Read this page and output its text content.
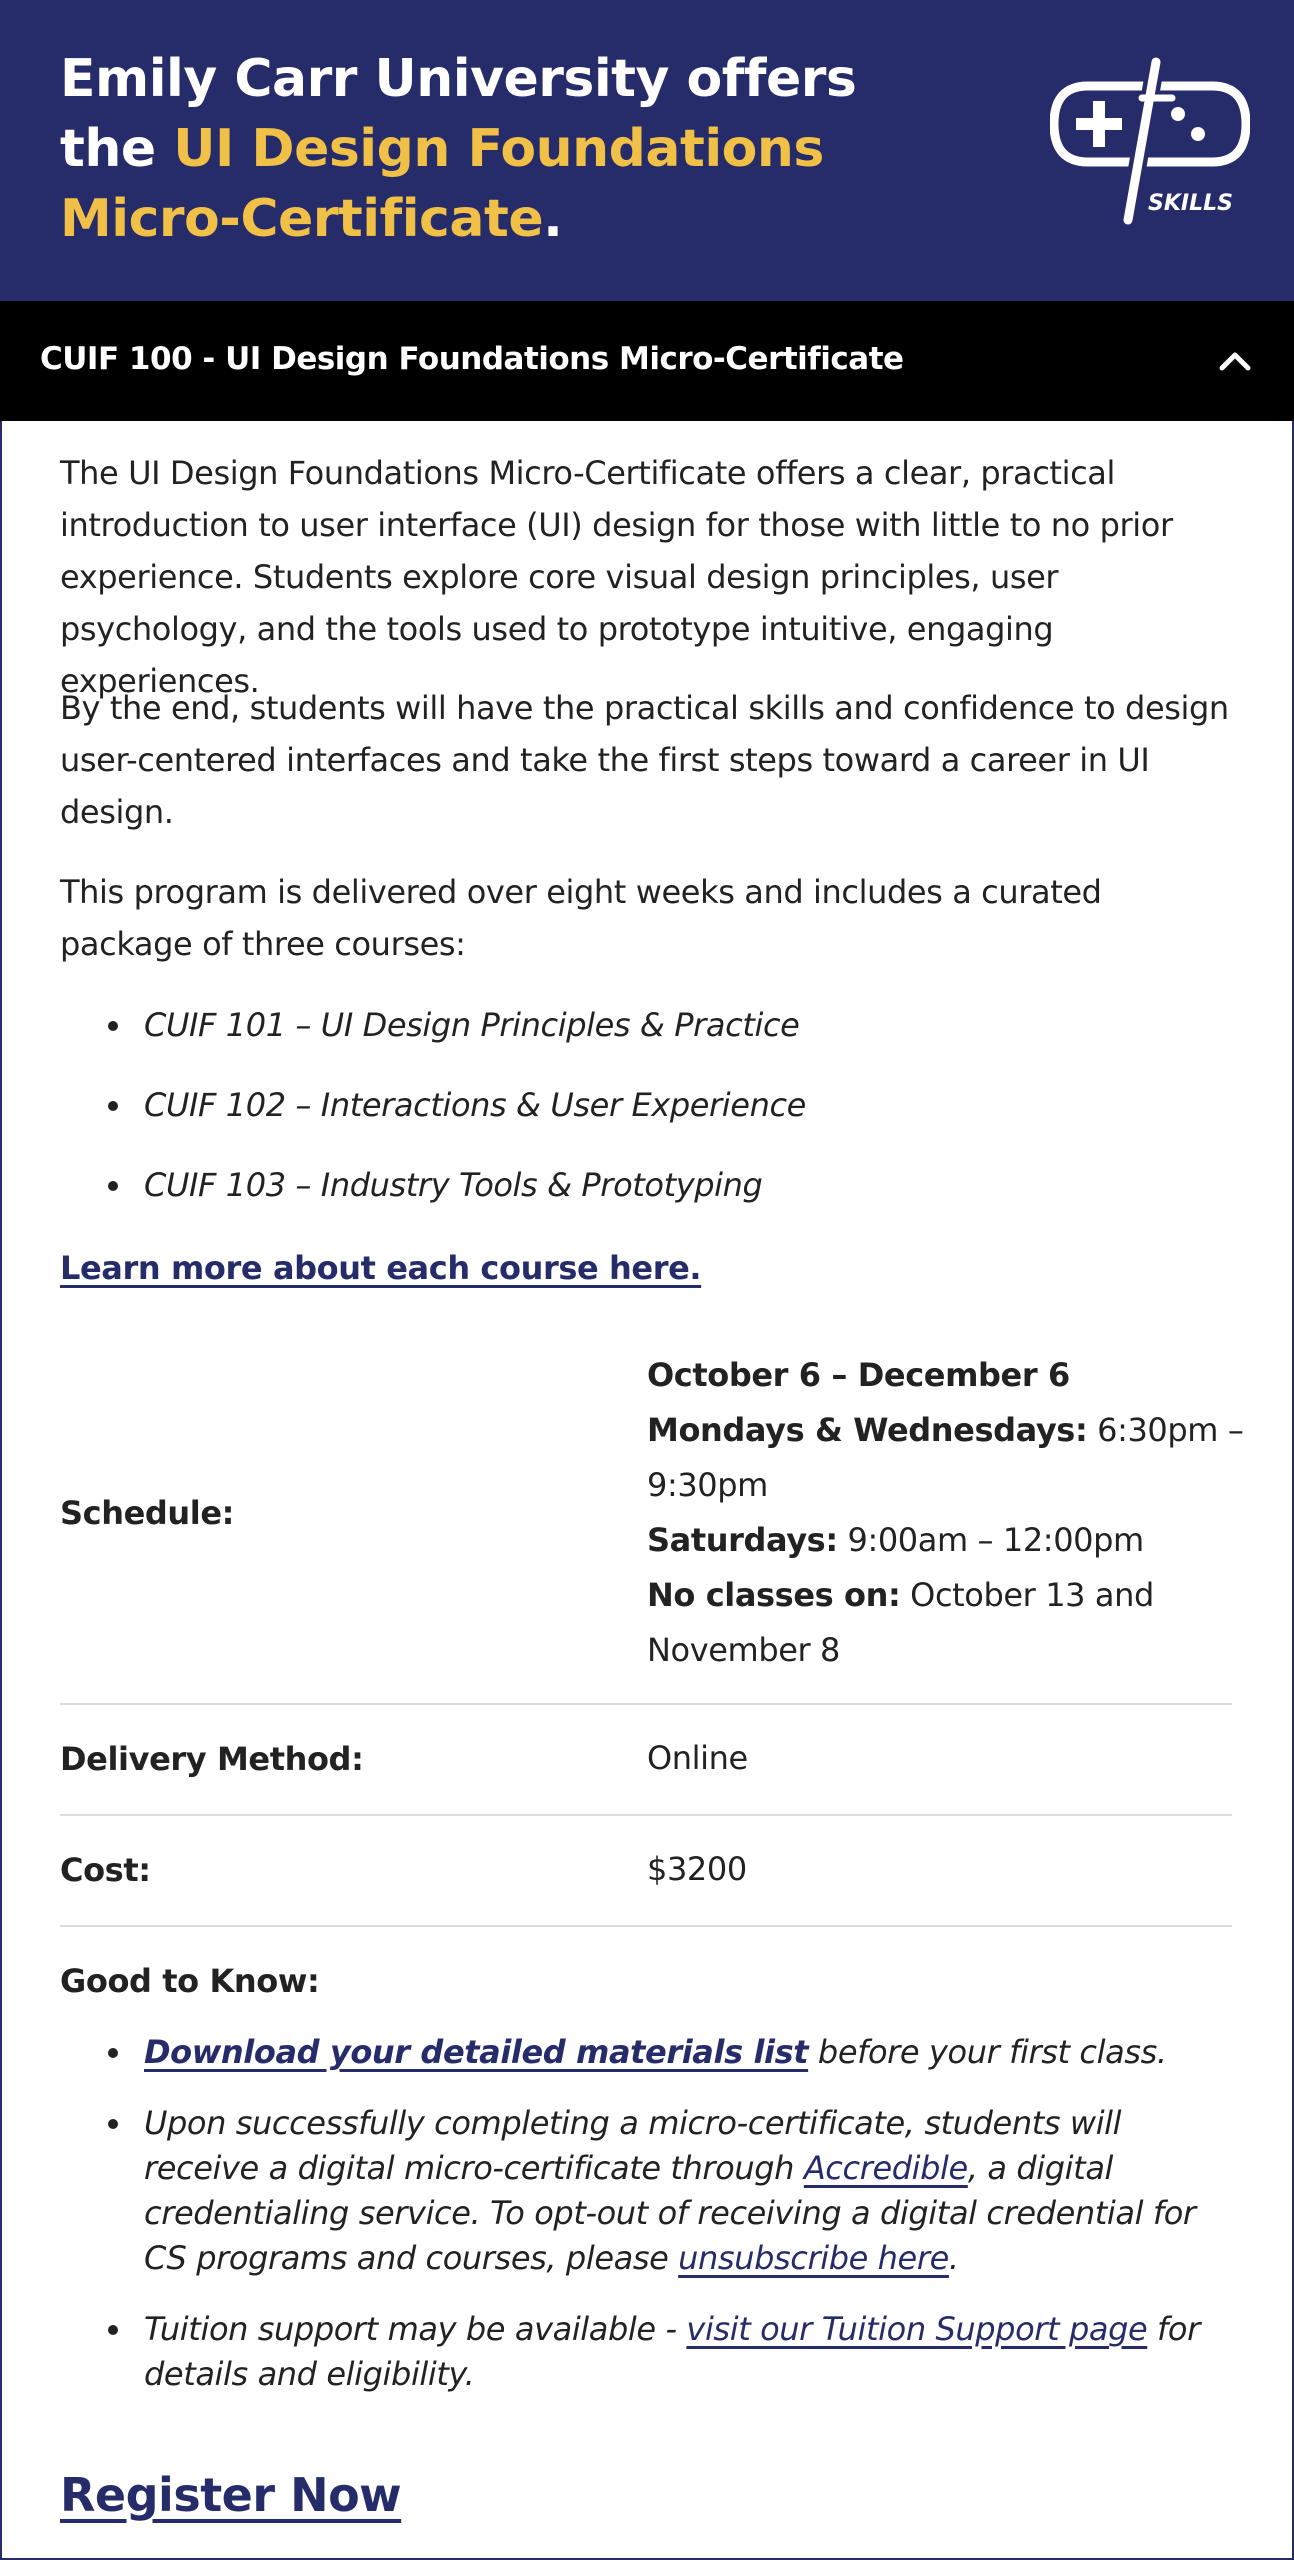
Emily Carr University offers the UI Design Foundations Micro-Certificate.	SKILLS
CUIF 100 - UI Design Foundations Micro-Certificate

The UI Design Foundations Micro-Certificate offers a clear, practical introduction to user interface (UI) design for those with little to no prior experience. Students explore core visual design principles, user psychology, and the tools used to prototype intuitive, engaging experiences.

By the end, students will have the practical skills and confidence to design user-centered interfaces and take the first steps toward a career in UI design.

This program is delivered over eight weeks and includes a curated package of three courses:

CUIF 101 – UI Design Principles & Practice
CUIF 102 – Interactions & User Experience
CUIF 103 – Industry Tools & Prototyping
Learn more about each course here.
Schedule:
October 6 – December 6
Mondays & Wednesdays: 6:30pm – 9:30pm
Saturdays: 9:00am – 12:00pm
No classes on: October 13 and November 8
Delivery Method:	Online
Cost:	$3200
Good to Know:
Download your detailed materials list before your first class.
Upon successfully completing a micro-certificate, students will receive a digital micro-certificate through Accredible, a digital credentialing service. To opt-out of receiving a digital credential for CS programs and courses, please unsubscribe here.
Tuition support may be available - visit our Tuition Support page for details and eligibility.
Register Now
